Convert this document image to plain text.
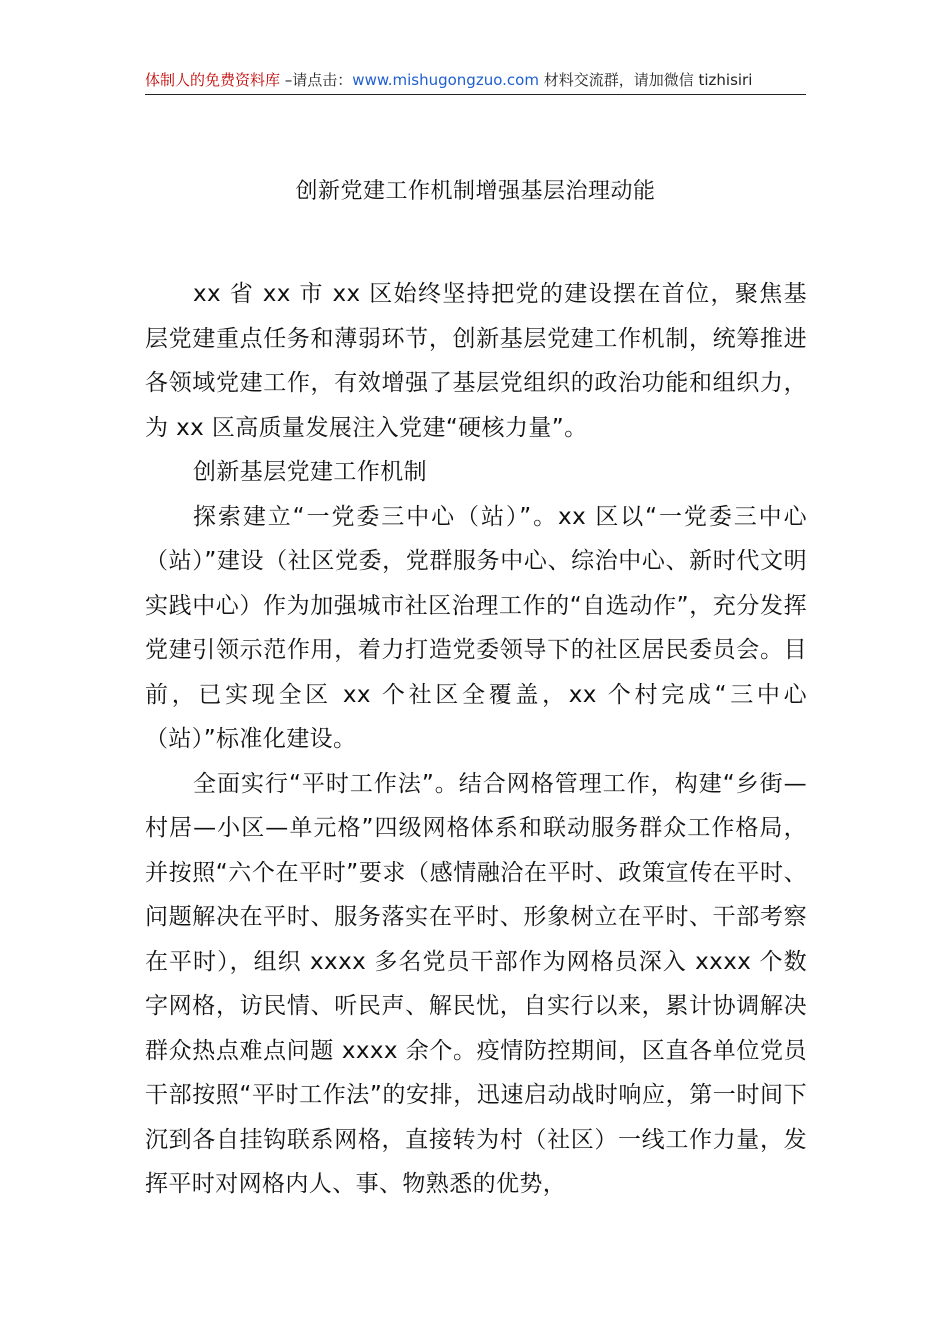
体制人的免费资料库 –请点击：www.mishugongzuo.com 材料交流群，请加微信 tizhisiri
创新党建工作机制增强基层治理动能

xx 省 xx 市 xx 区始终坚持把党的建设摆在首位，聚焦基层党建重点任务和薄弱环节，创新基层党建工作机制，统筹推进各领域党建工作，有效增强了基层党组织的政治功能和组织力，为 xx 区高质量发展注入党建“硬核力量”。

创新基层党建工作机制

探索建立“一党委三中心（站）”。xx 区以“一党委三中心（站）”建设（社区党委，党群服务中心、综治中心、新时代文明实践中心）作为加强城市社区治理工作的“自选动作”，充分发挥党建引领示范作用，着力打造党委领导下的社区居民委员会。目前，已实现全区 xx 个社区全覆盖，xx 个村完成“三中心（站）”标准化建设。

全面实行“平时工作法”。结合网格管理工作，构建“乡街—村居—小区—单元格”四级网格体系和联动服务群众工作格局，并按照“六个在平时”要求（感情融洽在平时、政策宣传在平时、问题解决在平时、服务落实在平时、形象树立在平时、干部考察在平时），组织 xxxx 多名党员干部作为网格员深入 xxxx 个数字网格，访民情、听民声、解民忧，自实行以来，累计协调解决群众热点难点问题 xxxx 余个。疫情防控期间，区直各单位党员干部按照“平时工作法”的安排，迅速启动战时响应，第一时间下沉到各自挂钩联系网格，直接转为村（社区）一线工作力量，发挥平时对网格内人、事、物熟悉的优势，
